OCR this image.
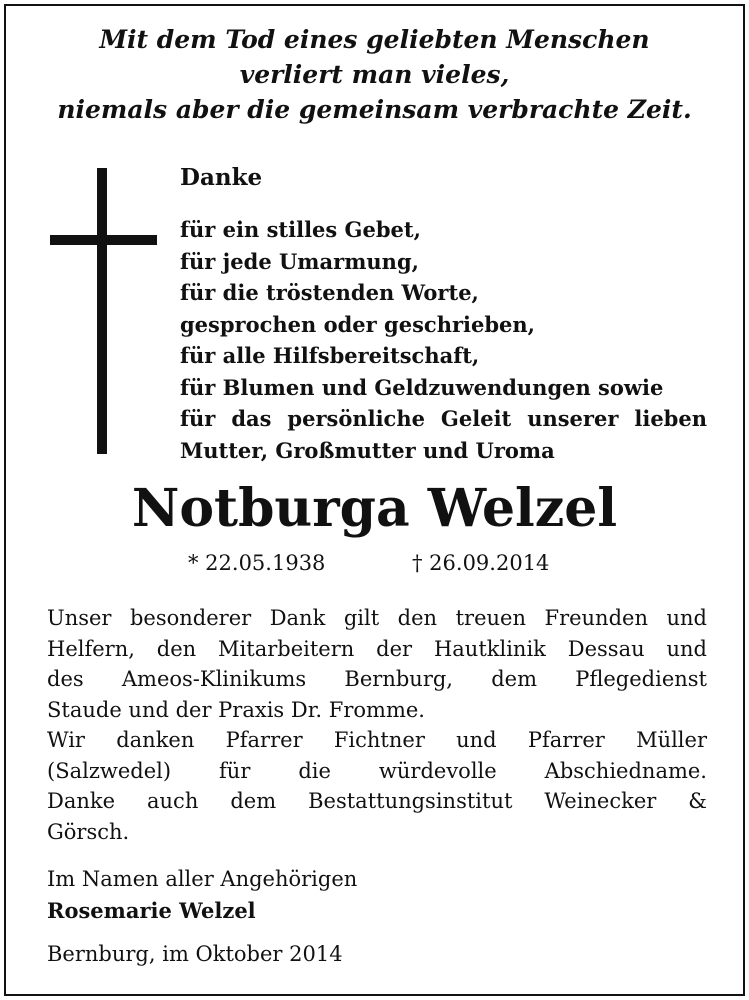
Mit dem Tod eines geliebten Menschen
verliert man vieles,
niemals aber die gemeinsam verbrachte Zeit.
Danke
für ein stilles Gebet,
für jede Umarmung,
für die tröstenden Worte,
gesprochen oder geschrieben,
für alle Hilfsbereitschaft,
für Blumen und Geldzuwendungen sowie
für das persönliche Geleit unserer lieben
Mutter, Großmutter und Uroma
Notburga Welzel
* 22.05.1938	† 26.09.2014
Unser besonderer Dank gilt den treuen Freunden und
Helfern, den Mitarbeitern der Hautklinik Dessau und
des Ameos-Klinikums Bernburg, dem Pflegedienst
Staude und der Praxis Dr. Fromme.
Wir danken Pfarrer Fichtner und Pfarrer Müller
(Salzwedel) für die würdevolle Abschiedname.
Danke auch dem Bestattungsinstitut Weinecker &
Görsch.
Im Namen aller Angehörigen
Rosemarie Welzel
Bernburg, im Oktober 2014
